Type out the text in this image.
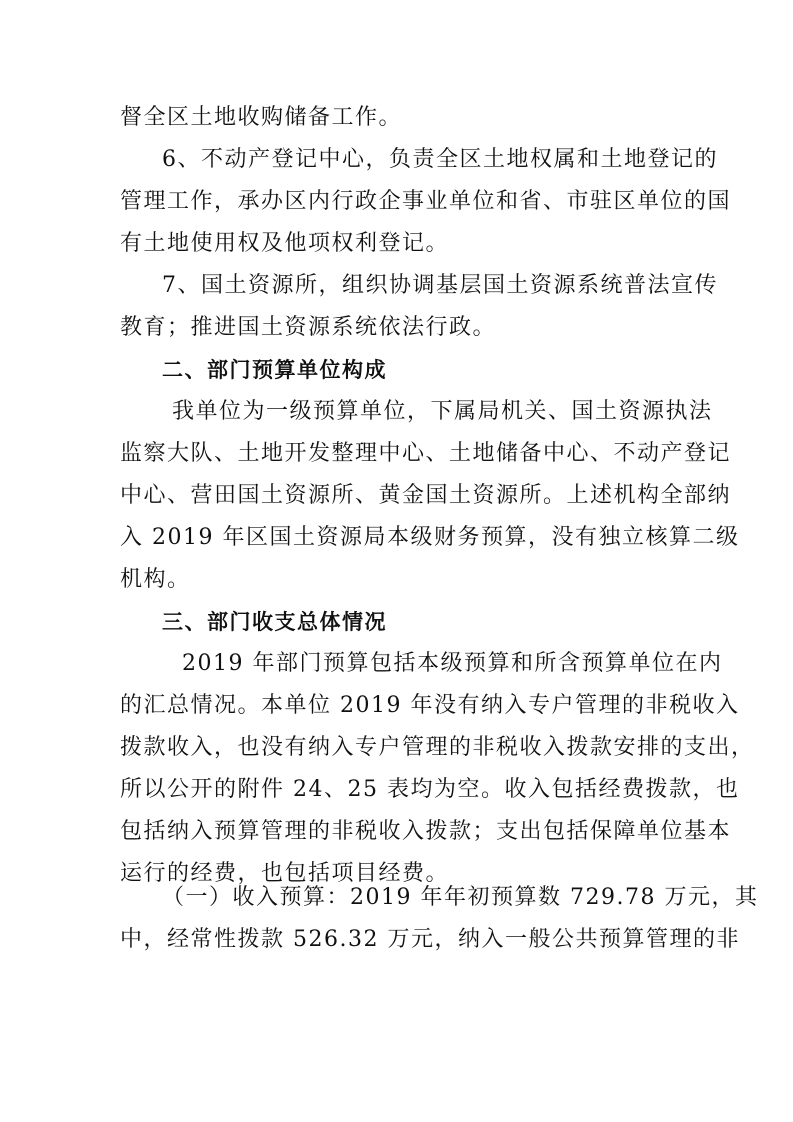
督全区土地收购储备工作。
6、不动产登记中心，负责全区土地权属和土地登记的
管理工作，承办区内行政企事业单位和省、市驻区单位的国
有土地使用权及他项权利登记。
7、国土资源所，组织协调基层国土资源系统普法宣传
教育；推进国土资源系统依法行政。
二、部门预算单位构成
我单位为一级预算单位，下属局机关、国土资源执法
监察大队、土地开发整理中心、土地储备中心、不动产登记
中心、营田国土资源所、黄金国土资源所。上述机构全部纳
入 2019 年区国土资源局本级财务预算，没有独立核算二级
机构。
三、部门收支总体情况
2019 年部门预算包括本级预算和所含预算单位在内
的汇总情况。本单位 2019 年没有纳入专户管理的非税收入
拨款收入，也没有纳入专户管理的非税收入拨款安排的支出，
所以公开的附件 24、25 表均为空。收入包括经费拨款，也
包括纳入预算管理的非税收入拨款；支出包括保障单位基本
运行的经费，也包括项目经费。
（一）收入预算：2019 年年初预算数 729.78 万元，其
中，经常性拨款 526.32 万元，纳入一般公共预算管理的非
